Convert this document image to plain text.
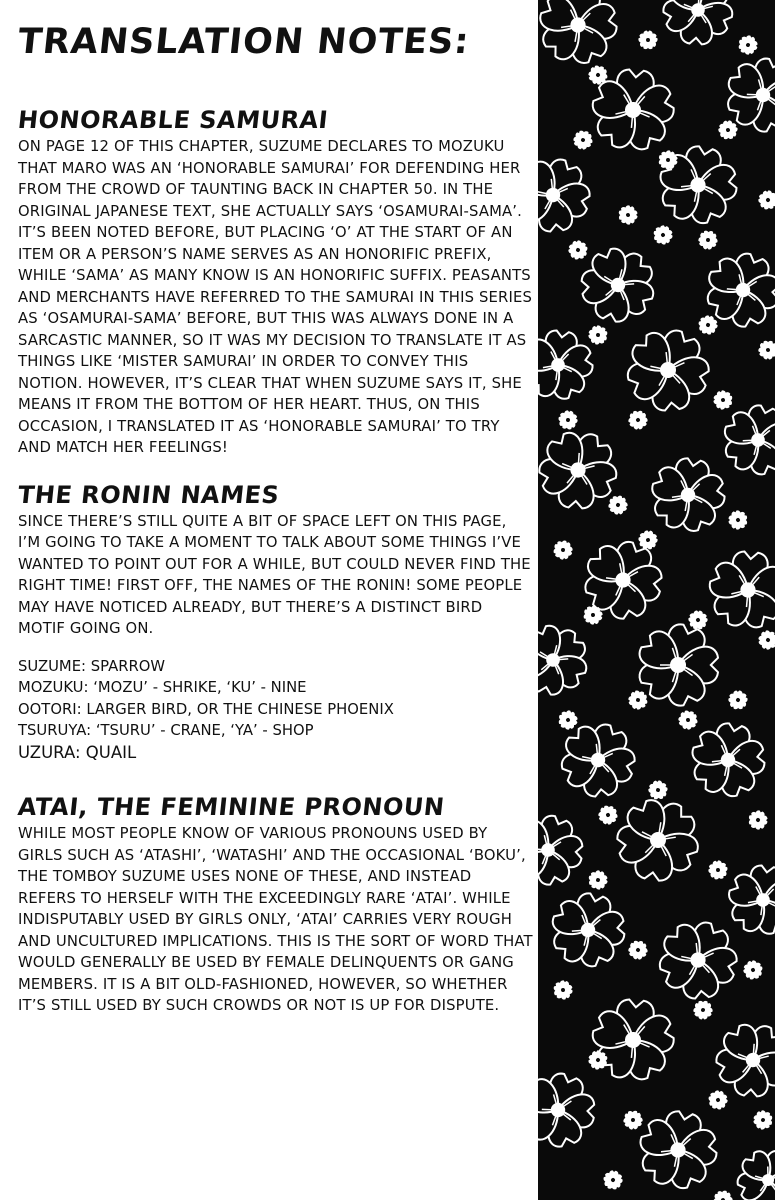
TRANSLATION NOTES:
HONORABLE SAMURAI

ON PAGE 12 OF THIS CHAPTER, SUZUME DECLARES TO MOZUKU THAT MARO WAS AN ‘HONORABLE SAMURAI’ FOR DEFENDING HER FROM THE CROWD OF TAUNTING BACK IN CHAPTER 50. IN THE ORIGINAL JAPANESE TEXT, SHE ACTUALLY SAYS ‘OSAMURAI-SAMA’. IT’S BEEN NOTED BEFORE, BUT PLACING ‘O’ AT THE START OF AN ITEM OR A PERSON’S NAME SERVES AS AN HONORIFIC PREFIX, WHILE ‘SAMA’ AS MANY KNOW IS AN HONORIFIC SUFFIX. PEASANTS AND MERCHANTS HAVE REFERRED TO THE SAMURAI IN THIS SERIES AS ‘OSAMURAI-SAMA’ BEFORE, BUT THIS WAS ALWAYS DONE IN A SARCASTIC MANNER, SO IT WAS MY DECISION TO TRANSLATE IT AS THINGS LIKE ‘MISTER SAMURAI’ IN ORDER TO CONVEY THIS NOTION. HOWEVER, IT’S CLEAR THAT WHEN SUZUME SAYS IT, SHE MEANS IT FROM THE BOTTOM OF HER HEART. THUS, ON THIS OCCASION, I TRANSLATED IT AS ‘HONORABLE SAMURAI’ TO TRY AND MATCH HER FEELINGS!

THE RONIN NAMES

SINCE THERE’S STILL QUITE A BIT OF SPACE LEFT ON THIS PAGE, I’M GOING TO TAKE A MOMENT TO TALK ABOUT SOME THINGS I’VE WANTED TO POINT OUT FOR A WHILE, BUT COULD NEVER FIND THE RIGHT TIME! FIRST OFF, THE NAMES OF THE RONIN! SOME PEOPLE MAY HAVE NOTICED ALREADY, BUT THERE’S A DISTINCT BIRD MOTIF GOING ON.

SUZUME: SPARROW

MOZUKU: ‘MOZU’ - SHRIKE, ‘KU’ - NINE

OOTORI: LARGER BIRD, OR THE CHINESE PHOENIX

TSURUYA: ‘TSURU’ - CRANE, ‘YA’ - SHOP

UZURA: QUAIL

ATAI, THE FEMININE PRONOUN

WHILE MOST PEOPLE KNOW OF VARIOUS PRONOUNS USED BY GIRLS SUCH AS ‘ATASHI’, ‘WATASHI’ AND THE OCCASIONAL ‘BOKU’, THE TOMBOY SUZUME USES NONE OF THESE, AND INSTEAD REFERS TO HERSELF WITH THE EXCEEDINGLY RARE ‘ATAI’. WHILE INDISPUTABLY USED BY GIRLS ONLY, ‘ATAI’ CARRIES VERY ROUGH AND UNCULTURED IMPLICATIONS. THIS IS THE SORT OF WORD THAT WOULD GENERALLY BE USED BY FEMALE DELINQUENTS OR GANG MEMBERS. IT IS A BIT OLD-FASHIONED, HOWEVER, SO WHETHER IT’S STILL USED BY SUCH CROWDS OR NOT IS UP FOR DISPUTE.
